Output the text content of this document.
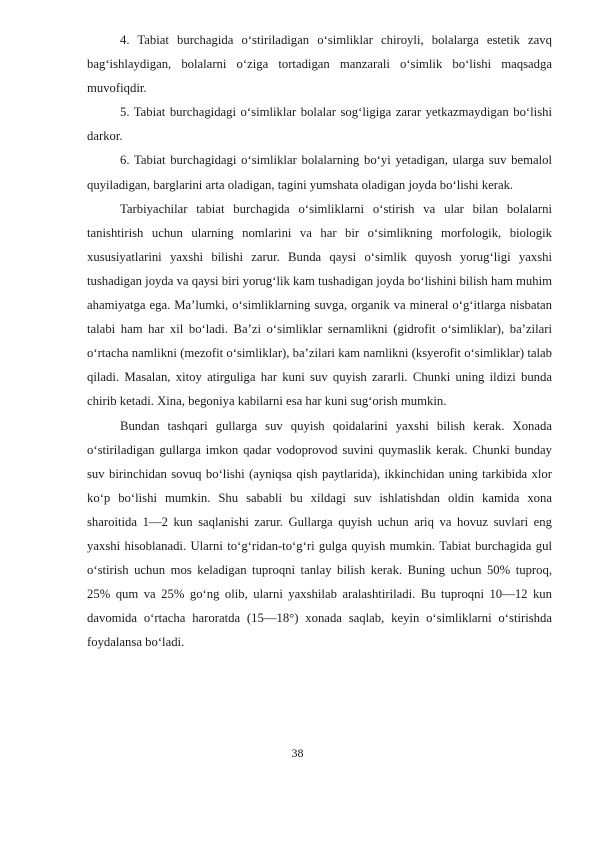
4. Tabiat burchagida o‘stiriladigan o‘simliklar chiroyli, bolalarga estetik zavq bag‘ishlaydigan, bolalarni o‘ziga tortadigan manzarali o‘simlik bo‘lishi maqsadga muvofiqdir.

5. Tabiat burchagidagi o‘simliklar bolalar sog‘ligiga zarar yetkazmaydigan bo‘lishi darkor.

6. Tabiat burchagidagi o‘simliklar bolalarning bo‘yi yetadigan, ularga suv bemalol quyiladigan, barglarini arta oladigan, tagini yumshata oladigan joyda bo‘lishi kerak.

Tarbiyachilar tabiat burchagida o‘simliklarni o‘stirish va ular bilan bolalarni tanishtirish uchun ularning nomlarini va har bir o‘simlikning morfologik, biologik xususiyatlarini yaxshi bilishi zarur. Bunda qaysi o‘simlik quyosh yorug‘ligi yaxshi tushadigan joyda va qaysi biri yorug‘lik kam tushadigan joyda bo‘lishini bilish ham muhim ahamiyatga ega. Ma’lumki, o‘simliklarning suvga, organik va mineral o‘g‘itlarga nisbatan talabi ham har xil bo‘ladi. Ba’zi o‘simliklar sernamlikni (gidrofit o‘simliklar), ba’zilari o‘rtacha namlikni (mezofit o‘simliklar), ba’zilari kam namlikni (ksyerofit o‘simliklar) talab qiladi. Masalan, xitoy atirguliga har kuni suv quyish zararli. Chunki uning ildizi bunda chirib ketadi. Xina, begoniya kabilarni esa har kuni sug‘orish mumkin.

Bundan tashqari gullarga suv quyish qoidalarini yaxshi bilish kerak. Xonada o‘stiriladigan gullarga imkon qadar vodoprovod suvini quymaslik kerak. Chunki bunday suv birinchidan sovuq bo‘lishi (ayniqsa qish paytlarida), ikkinchidan uning tarkibida xlor ko‘p bo‘lishi mumkin. Shu sababli bu xildagi suv ishlatishdan oldin kamida xona sharoitida 1—2 kun saqlanishi zarur. Gullarga quyish uchun ariq va hovuz suvlari eng yaxshi hisoblanadi. Ularni to‘g‘ridan-to‘g‘ri gulga quyish mumkin. Tabiat burchagida gul o‘stirish uchun mos keladigan tuproqni tanlay bilish kerak. Buning uchun 50% tuproq, 25% qum va 25% go‘ng olib, ularni yaxshilab aralashtiriladi. Bu tuproqni 10—12 kun davomida o‘rtacha haroratda (15—18°) xonada saqlab, keyin o‘simliklarni o‘stirishda foydalansa bo‘ladi.

38
